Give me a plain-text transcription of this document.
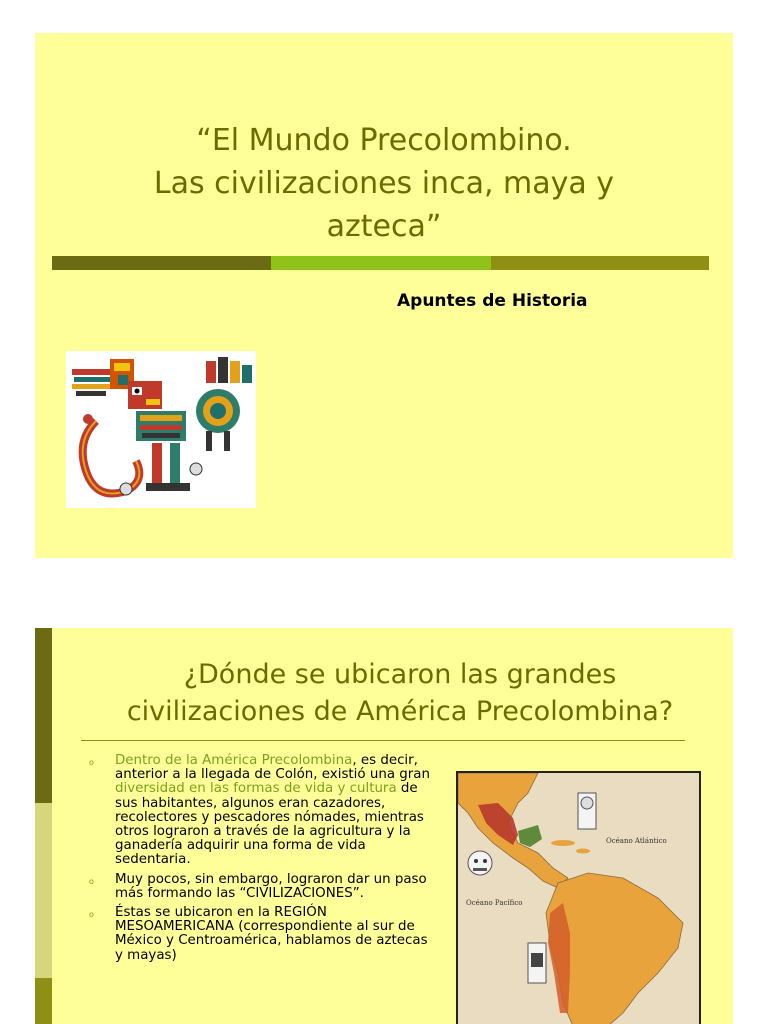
“El Mundo Precolombino.
Las civilizaciones inca, maya y
azteca”
Apuntes de Historia
¿Dónde se ubicaron las grandes
civilizaciones de América Precolombina?
o Dentro de la América Precolombina, es decir, anterior a la llegada de Colón, existió una gran diversidad en las formas de vida y cultura de sus habitantes, algunos eran cazadores, recolectores y pescadores nómades, mientras otros lograron a través de la agricultura y la ganadería adquirir una forma de vida sedentaria.
o Muy pocos, sin embargo, lograron dar un paso más formando las “CIVILIZACIONES”.
o Éstas se ubicaron en la REGIÓN MESOAMERICANA (correspondiente al sur de México y Centroamérica, hablamos de aztecas y mayas)
Océano Atlántico
Océano Pacífico
